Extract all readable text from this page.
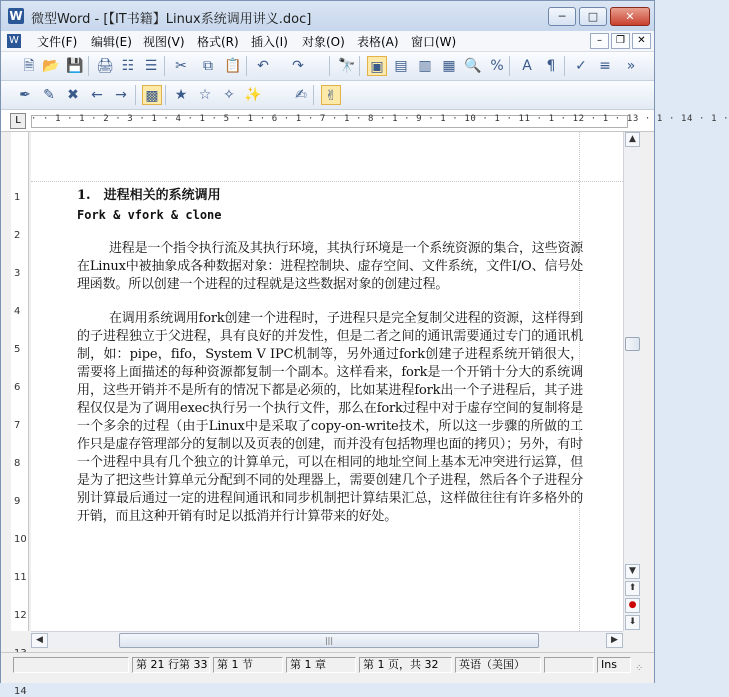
W 微型Word - [【IT书籍】Linux系统调用讲义.doc]	─	□	✕
W 文件(F) 编辑(E) 视图(V) 格式(R) 插入(I) 对象(O) 表格(A) 窗口(W)	–	❐	✕
🗎 📂 💾 🖨 ☷ ☰ ✂	⧉ 📋 ↶ ↷ 🔭 ▣ ▤ ▥ ▦ 🔍 %	A	¶	✓ ≡	»
✒ ✎ ✖ ← → ▩ ★ ☆ ✧ ✨ ✍ ✌
L	· · 1 · 1 · 2 · 3 · 1 · 4 · 1 · 5 · 1 · 6 · 1 · 7 · 1 · 8 · 1 · 9 · 1 · 10 · 1 · 11 · 1 · 12 · 1 · 13 · 1 · 14 · 1 ·
1
2
3
4
5
6
7
8
9
10
11
12
14
1. 进程相关的系统调用
Fork & vfork & clone
进程是一个指令执行流及其执行环境，其执行环境是一个系统资源的集合，这些资源在Linux中被抽象成各种数据对象：进程控制块、虚存空间、文件系统，文件I/O、信号处理函数。所以创建一个进程的过程就是这些数据对象的创建过程。
在调用系统调用fork创建一个进程时，子进程只是完全复制父进程的资源，这样得到的子进程独立于父进程，具有良好的并发性，但是二者之间的通讯需要通过专门的通讯机制，如：pipe，fifo，System V IPC机制等，另外通过fork创建子进程系统开销很大，需要将上面描述的每种资源都复制一个副本。这样看来，fork是一个开销十分大的系统调用，这些开销并不是所有的情况下都是必须的，比如某进程fork出一个子进程后，其子进程仅仅是为了调用exec执行另一个执行文件，那么在fork过程中对于虚存空间的复制将是一个多余的过程（由于Linux中是采取了copy-on-write技术，所以这一步骤的所做的工作只是虚存管理部分的复制以及页表的创建，而并没有包括物理也面的拷贝）；另外，有时一个进程中具有几个独立的计算单元，可以在相同的地址空间上基本无冲突进行运算，但是为了把这些计算单元分配到不同的处理器上，需要创建几个子进程，然后各个子进程分别计算最后通过一定的进程间通讯和同步机制把计算结果汇总，这样做往往有许多格外的开销，而且这种开销有时足以抵消并行计算带来的好处。
▲
▼
⬆
●
⬇
◀	|||	▶
第 21 行第 33 第 1 节	第 1 章	第 1 页，共 32	英语（美国）	Ins	⁘
